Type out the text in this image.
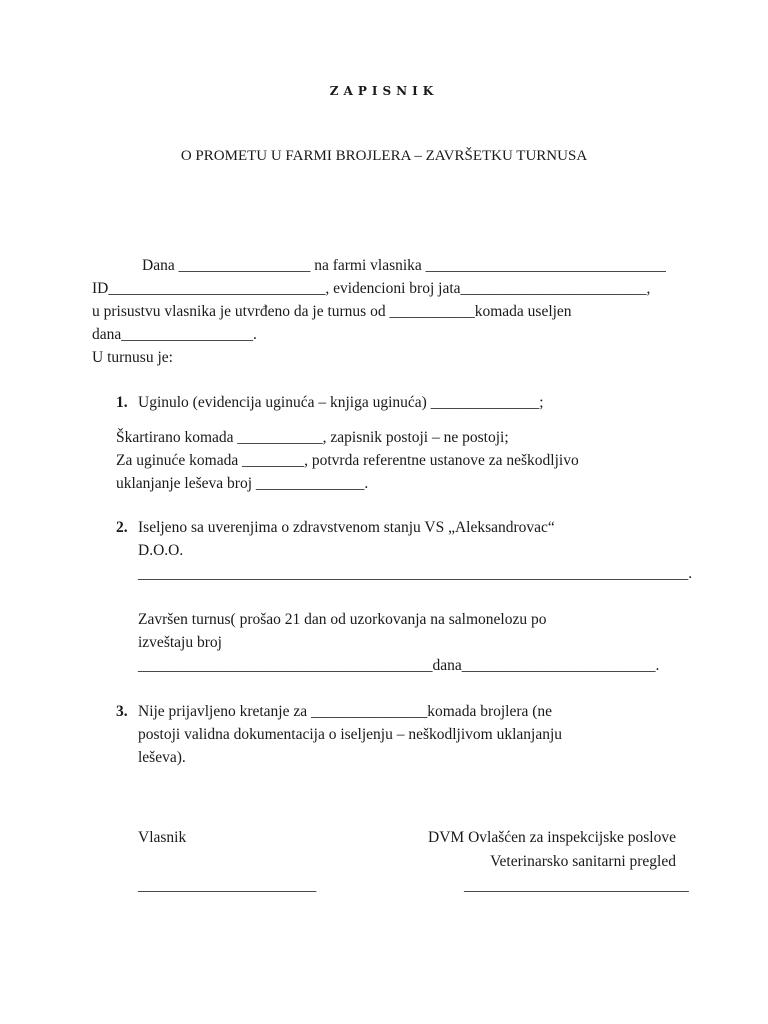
ZAPISNIK
O PROMETU U FARMI BROJLERA – ZAVRŠETKU TURNUSA
Dana _________________ na farmi vlasnika _______________________________
ID____________________________, evidencioni broj jata________________________,
u prisustvu vlasnika je utvrđeno da je turnus od ___________komada useljen
dana_________________.
U turnusu je:
1. Uginulo (evidencija uginuća – knjiga uginuća) ______________;
Škartirano komada ___________, zapisnik postoji – ne postoji;
Za uginuće komada ________, potvrda referentne ustanove za neškodljivo
uklanjanje leševa broj ______________.
2. Iseljeno sa uverenjima o zdravstvenom stanju VS „Aleksandrovac“
D.O.O.
_______________________________________________________________________.
Završen turnus( prošao 21 dan od uzorkovanja na salmonelozu po
izveštaju broj
______________________________________dana_________________________.
3. Nije prijavljeno kretanje za _______________komada brojlera (ne
postoji validna dokumentacija o iseljenju – neškodljivom uklanjanju
leševa).
Vlasnik
_______________________
DVM Ovlašćen za inspekcijske poslove
Veterinarsko sanitarni pregled
_____________________________
